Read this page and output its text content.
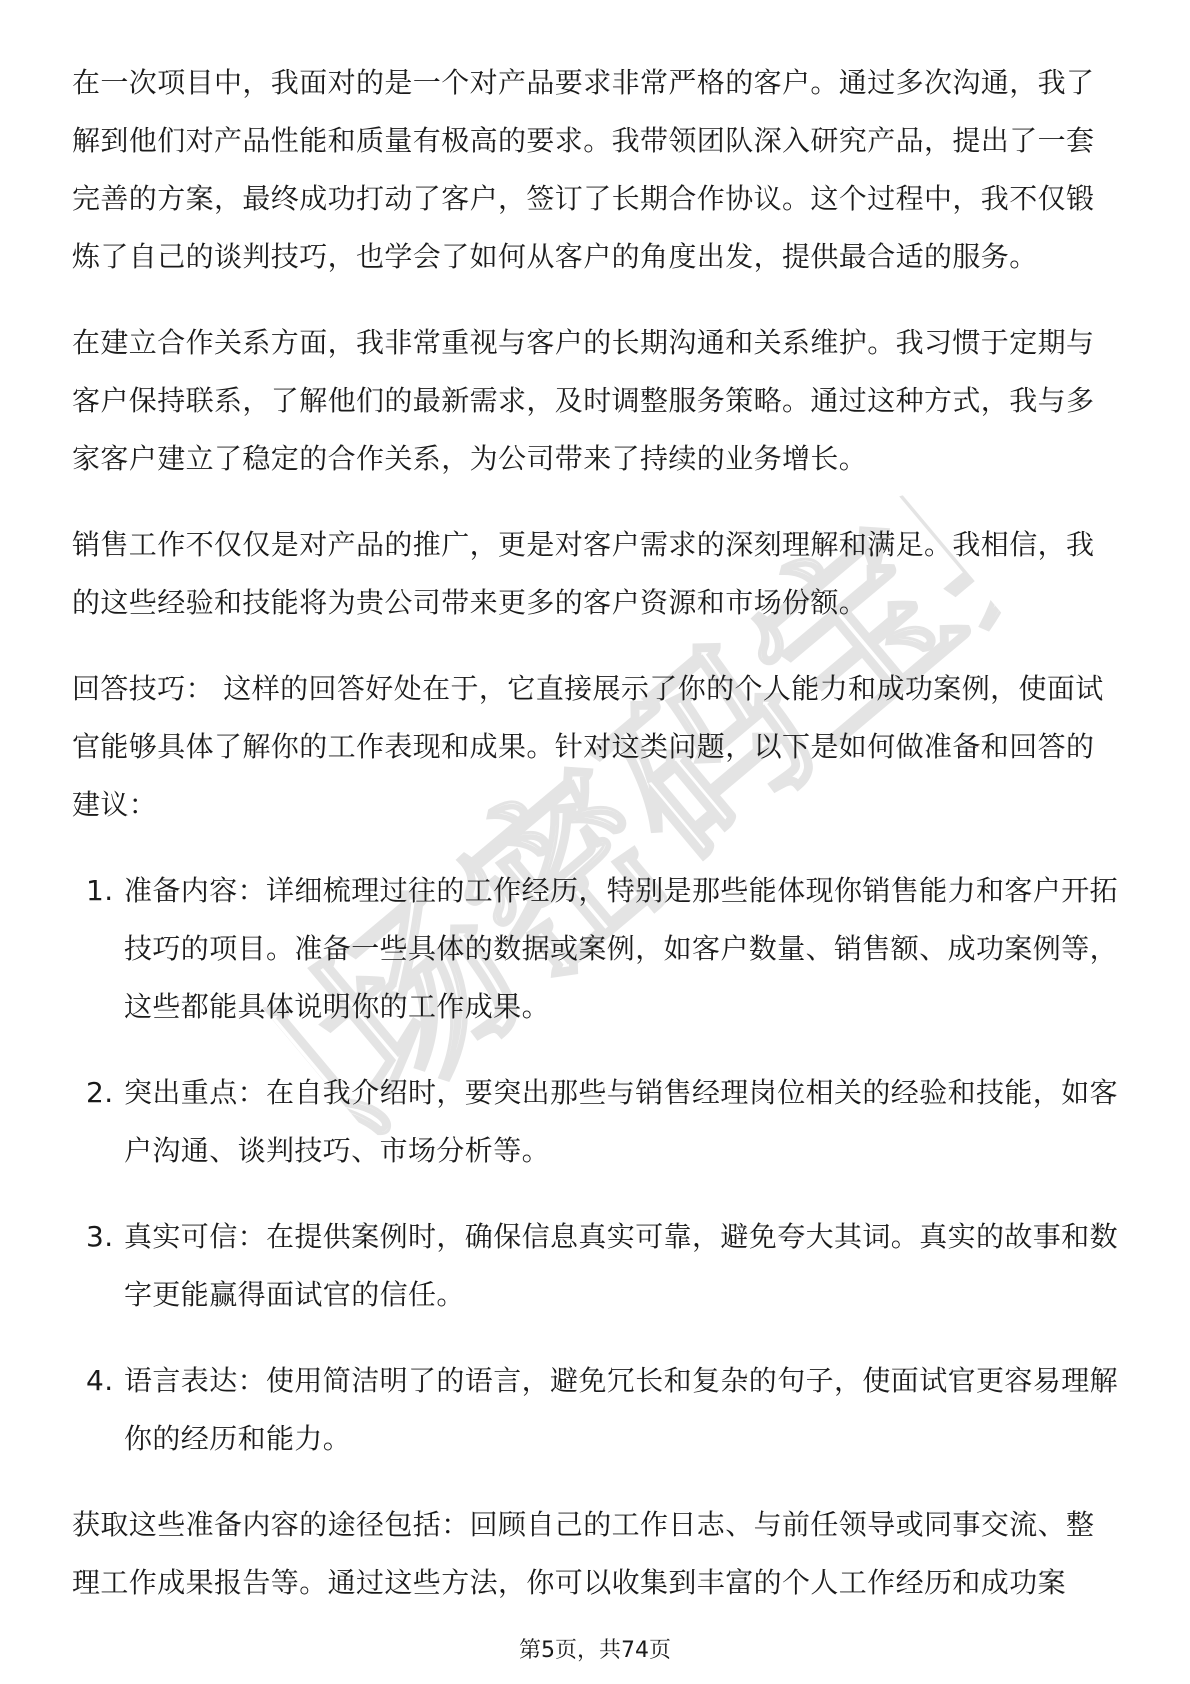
职场密码宝典

在一次项目中，我面对的是一个对产品要求非常严格的客户。通过多次沟通，我了解到他们对产品性能和质量有极高的要求。我带领团队深入研究产品，提出了一套完善的方案，最终成功打动了客户，签订了长期合作协议。这个过程中，我不仅锻炼了自己的谈判技巧，也学会了如何从客户的角度出发，提供最合适的服务。

在建立合作关系方面，我非常重视与客户的长期沟通和关系维护。我习惯于定期与客户保持联系，了解他们的最新需求，及时调整服务策略。通过这种方式，我与多家客户建立了稳定的合作关系，为公司带来了持续的业务增长。

销售工作不仅仅是对产品的推广，更是对客户需求的深刻理解和满足。我相信，我的这些经验和技能将为贵公司带来更多的客户资源和市场份额。

回答技巧： 这样的回答好处在于，它直接展示了你的个人能力和成功案例，使面试官能够具体了解你的工作表现和成果。针对这类问题，以下是如何做准备和回答的建议：

1. 准备内容：详细梳理过往的工作经历，特别是那些能体现你销售能力和客户开拓技巧的项目。准备一些具体的数据或案例，如客户数量、销售额、成功案例等，这些都能具体说明你的工作成果。
2. 突出重点：在自我介绍时，要突出那些与销售经理岗位相关的经验和技能，如客户沟通、谈判技巧、市场分析等。
3. 真实可信：在提供案例时，确保信息真实可靠，避免夸大其词。真实的故事和数字更能赢得面试官的信任。
4. 语言表达：使用简洁明了的语言，避免冗长和复杂的句子，使面试官更容易理解你的经历和能力。

获取这些准备内容的途径包括：回顾自己的工作日志、与前任领导或同事交流、整理工作成果报告等。通过这些方法，你可以收集到丰富的个人工作经历和成功案

第5页，共74页
